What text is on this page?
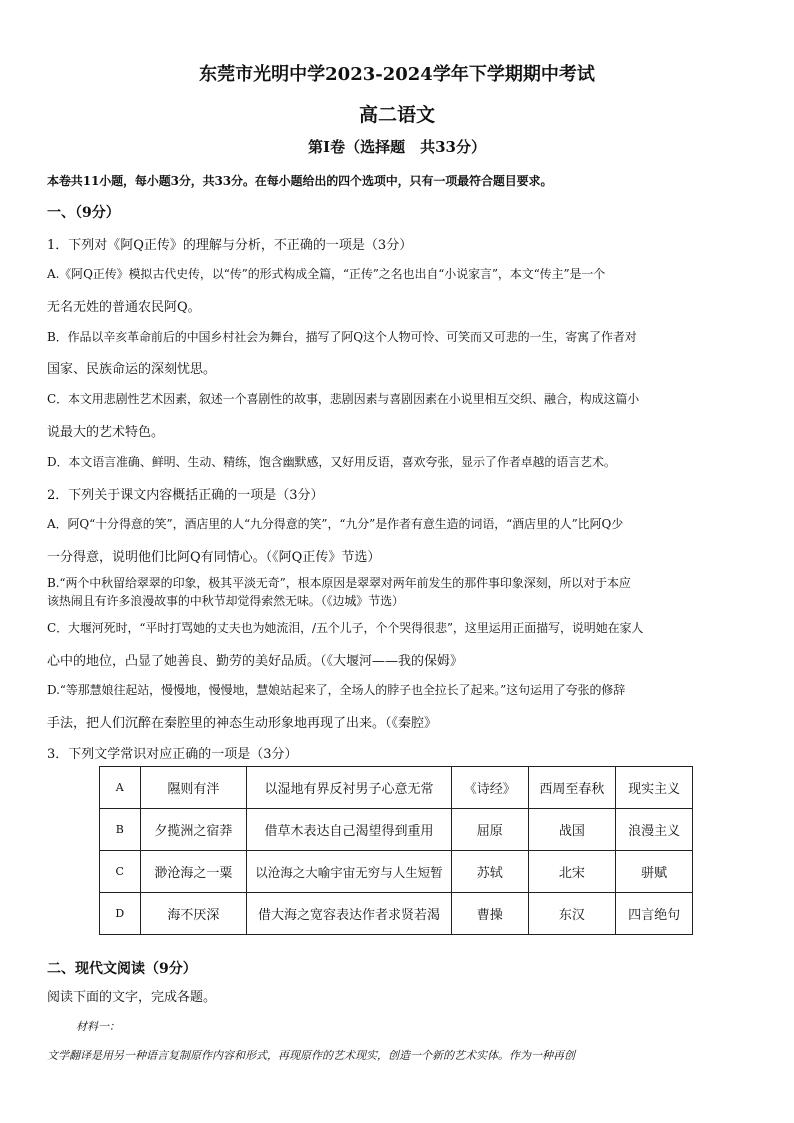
东莞市光明中学2023-2024学年下学期期中考试
高二语文
第Ⅰ卷（选择题　共33分）
本卷共11小题，每小题3分，共33分。在每小题给出的四个选项中，只有一项最符合题目要求。
一、（9分）
1．下列对《阿Q正传》的理解与分析，不正确的一项是（3分）
A.《阿Q正传》模拟古代史传，以“传”的形式构成全篇，“正传”之名也出自“小说家言”，本文“传主”是一个
无名无姓的普通农民阿Q。
B．作品以辛亥革命前后的中国乡村社会为舞台，描写了阿Q这个人物可怜、可笑而又可悲的一生，寄寓了作者对
国家、民族命运的深刻忧思。
C．本文用悲剧性艺术因素，叙述一个喜剧性的故事，悲剧因素与喜剧因素在小说里相互交织、融合，构成这篇小
说最大的艺术特色。
D．本文语言准确、鲜明、生动、精练，饱含幽默感，又好用反语，喜欢夸张，显示了作者卓越的语言艺术。
2．下列关于课文内容概括正确的一项是（3分）
A．阿Q“十分得意的笑”，酒店里的人“九分得意的笑”，“九分”是作者有意生造的词语，“酒店里的人”比阿Q少
一分得意，说明他们比阿Q有同情心。（《阿Q正传》节选）
B.“两个中秋留给翠翠的印象，极其平淡无奇”，根本原因是翠翠对两年前发生的那件事印象深刻，所以对于本应
该热闹且有许多浪漫故事的中秋节却觉得索然无味。（《边城》节选）
C．大堰河死时，“平时打骂她的丈夫也为她流泪，/五个儿子，个个哭得很悲”，这里运用正面描写，说明她在家人
心中的地位，凸显了她善良、勤劳的美好品质。（《大堰河——我的保姆》
D.“等那慧娘往起站，慢慢地，慢慢地，慧娘站起来了，全场人的脖子也全拉长了起来。”这句运用了夸张的修辞
手法，把人们沉醉在秦腔里的神态生动形象地再现了出来。（《秦腔》
3．下列文学常识对应正确的一项是（3分）
A	隰则有泮	以湿地有界反衬男子心意无常	《诗经》	西周至春秋	现实主义
B	夕揽洲之宿莽	借草木表达自己渴望得到重用	屈原	战国	浪漫主义
C	渺沧海之一粟	以沧海之大喻宇宙无穷与人生短暂	苏轼	北宋	骈赋
D	海不厌深	借大海之宽容表达作者求贤若渴	曹操	东汉	四言绝句
二、现代文阅读（9分）
阅读下面的文字，完成各题。
材料一：
文学翻译是用另一种语言复制原作内容和形式，再现原作的艺术现实，创造一个新的艺术实体。作为一种再创
